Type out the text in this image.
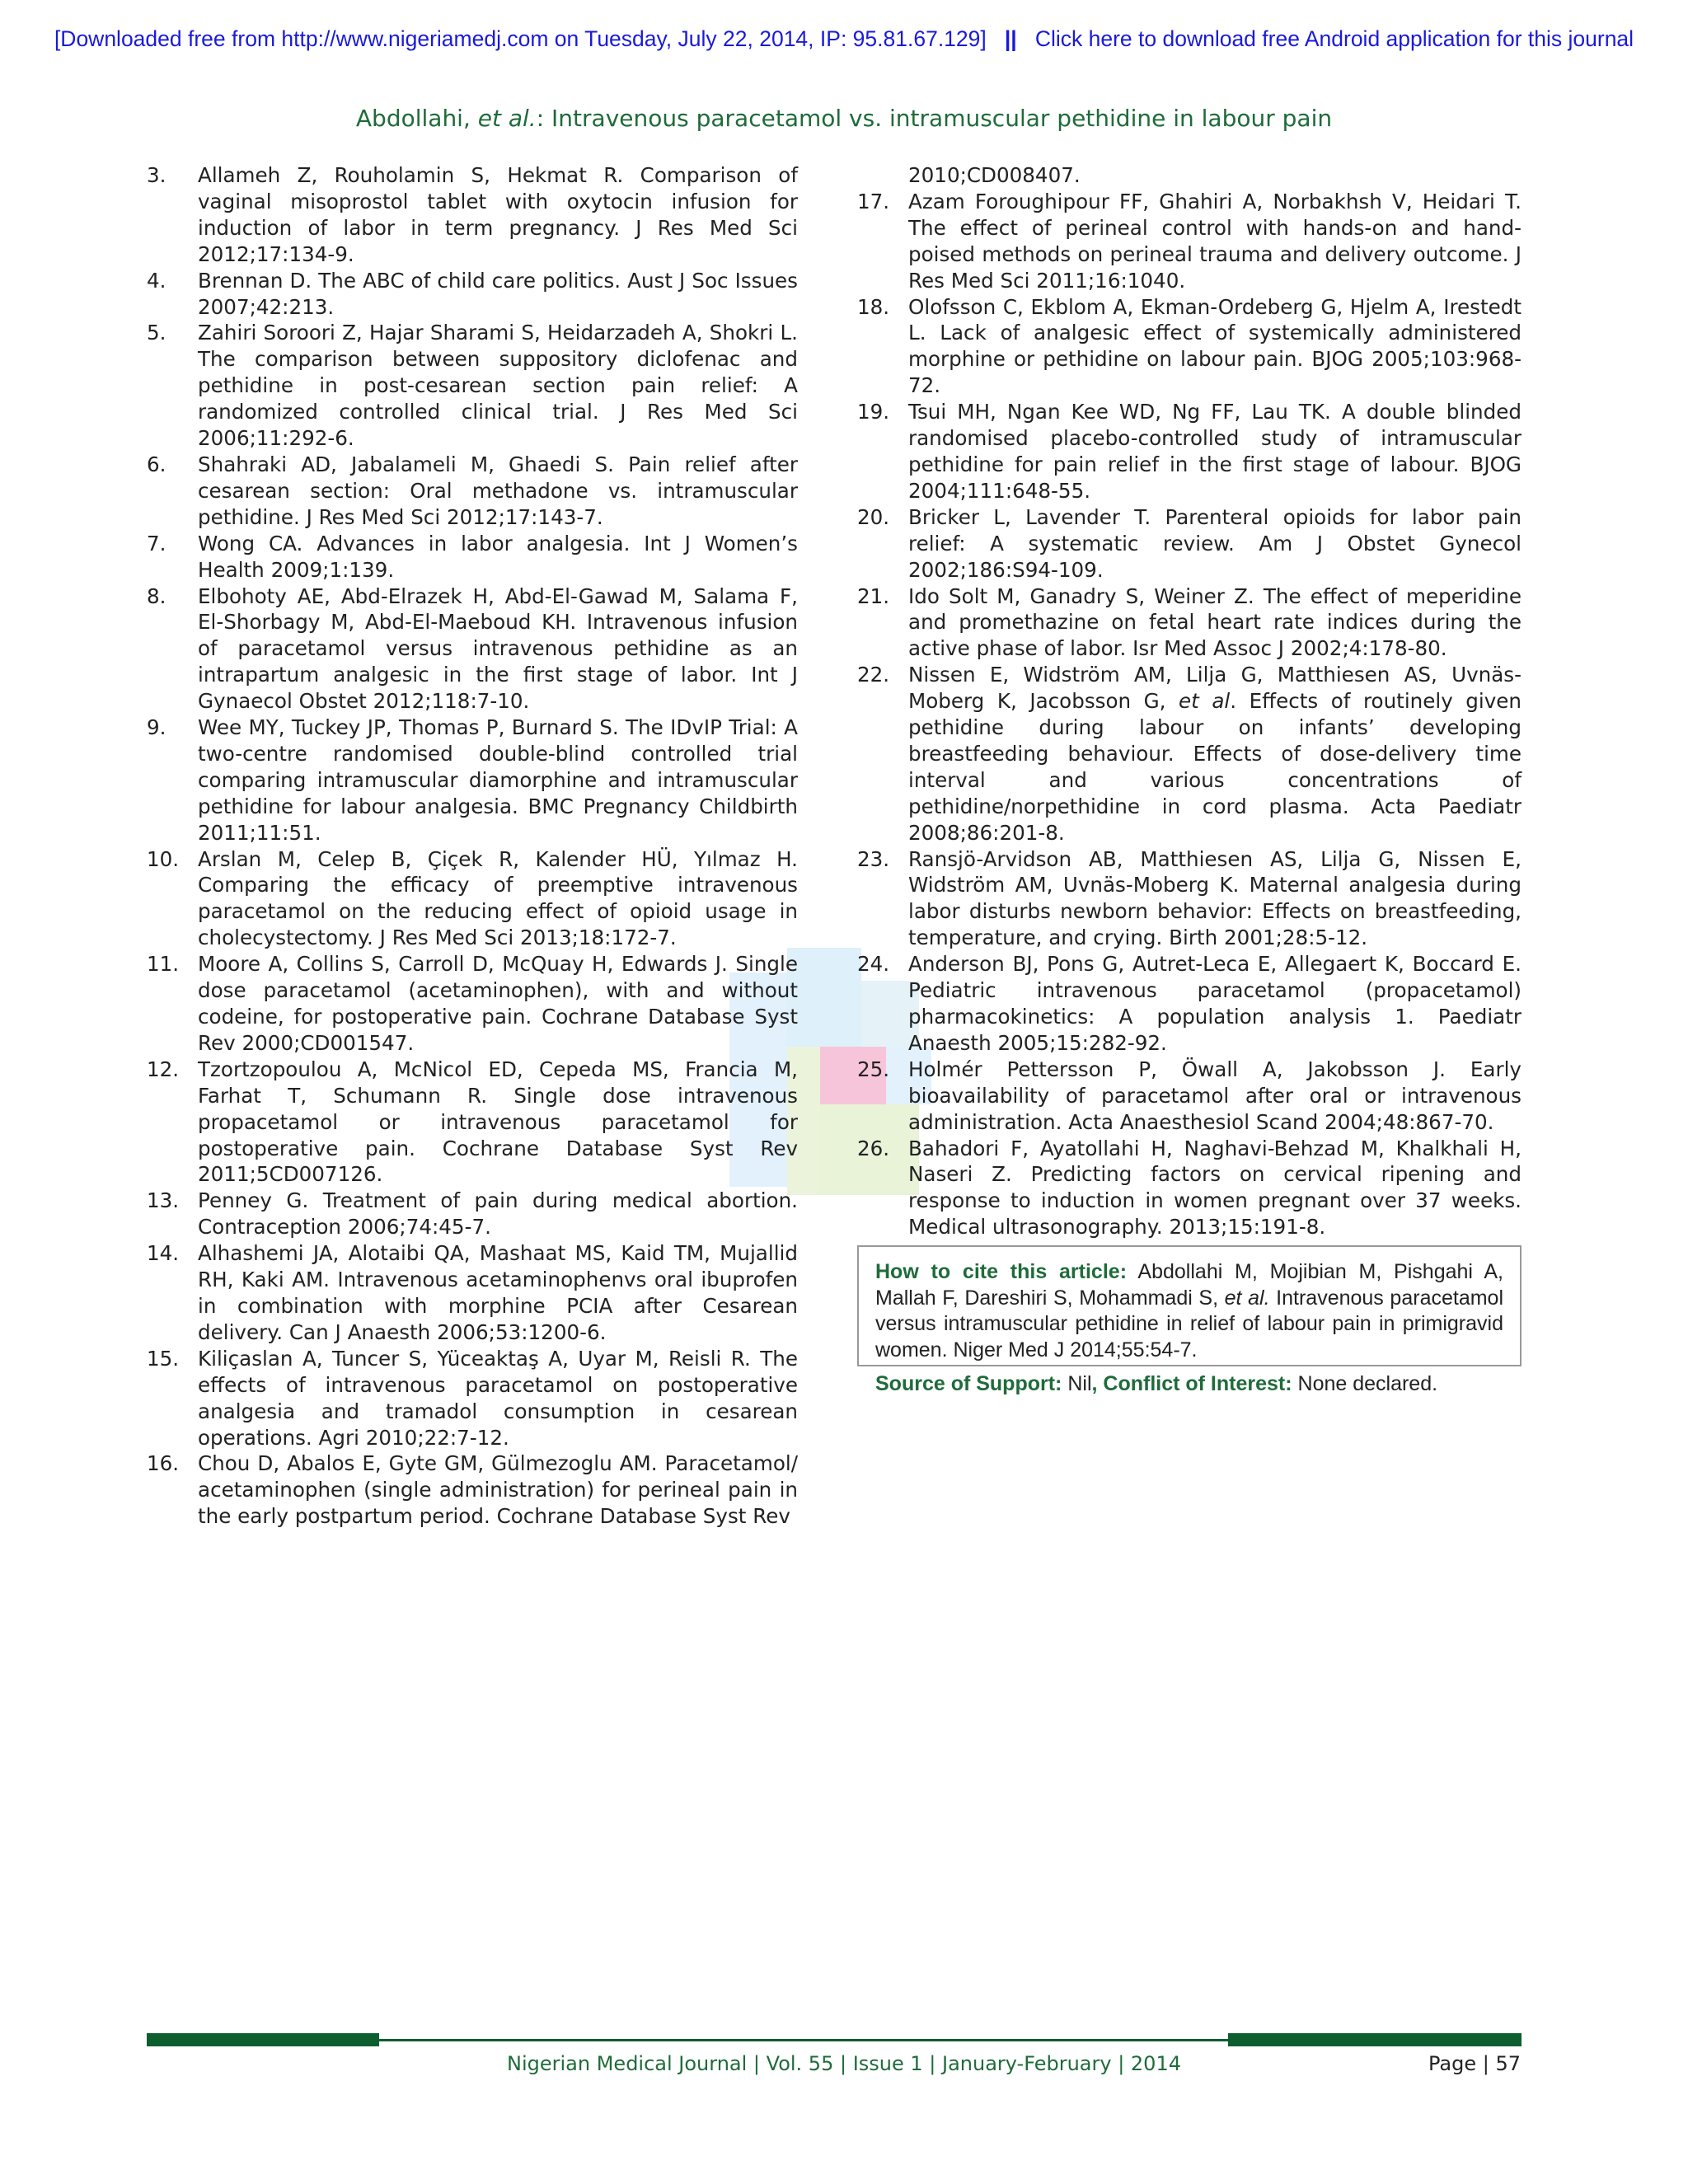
[Downloaded free from http://www.nigeriamedj.com on Tuesday, July 22, 2014, IP: 95.81.67.129] || Click here to download free Android application for this journal
Abdollahi, et al.: Intravenous paracetamol vs. intramuscular pethidine in labour pain

3.	Allameh Z, Rouholamin S, Hekmat R. Comparison of vaginal misoprostol tablet with oxytocin infusion for induction of labor in term pregnancy. J Res Med Sci 2012;17:134-9.

4.	Brennan D. The ABC of child care politics. Aust J Soc Issues 2007;42:213.

5.	Zahiri Soroori Z, Hajar Sharami S, Heidarzadeh A, Shokri L. The comparison between suppository diclofenac and pethidine in post-cesarean section pain relief: A randomized controlled clinical trial. J Res Med Sci 2006;11:292-6.

6.	Shahraki AD, Jabalameli M, Ghaedi S. Pain relief after cesarean section: Oral methadone vs. intramuscular pethidine. J Res Med Sci 2012;17:143-7.

7.	Wong CA. Advances in labor analgesia. Int J Women’s Health 2009;1:139.

8.	Elbohoty AE, Abd-Elrazek H, Abd-El-Gawad M, Salama F, El-Shorbagy M, Abd-El-Maeboud KH. Intravenous infusion of paracetamol versus intravenous pethidine as an intrapartum analgesic in the first stage of labor. Int J Gynaecol Obstet 2012;118:7-10.

9.	Wee MY, Tuckey JP, Thomas P, Burnard S. The IDvIP Trial: A two-centre randomised double-blind controlled trial comparing intramuscular diamorphine and intramuscular pethidine for labour analgesia. BMC Pregnancy Childbirth 2011;11:51.

10. Arslan M, Celep B, Çiçek R, Kalender HÜ, Yılmaz H. Comparing the efficacy of preemptive intravenous paracetamol on the reducing effect of opioid usage in cholecystectomy. J Res Med Sci 2013;18:172-7.

11. Moore A, Collins S, Carroll D, McQuay H, Edwards J. Single dose paracetamol (acetaminophen), with and without codeine, for postoperative pain. Cochrane Database Syst Rev 2000;CD001547.

12. Tzortzopoulou A, McNicol ED, Cepeda MS, Francia M, Farhat T, Schumann R. Single dose intravenous propacetamol or intravenous paracetamol for postoperative pain. Cochrane Database Syst Rev 2011;5CD007126.

13. Penney G. Treatment of pain during medical abortion. Contraception 2006;74:45-7.

14. Alhashemi JA, Alotaibi QA, Mashaat MS, Kaid TM, Mujallid RH, Kaki AM. Intravenous acetaminophenvs oral ibuprofen in combination with morphine PCIA after Cesarean delivery. Can J Anaesth 2006;53:1200-6.

15. Kiliçaslan A, Tuncer S, Yüceaktaş A, Uyar M, Reisli R. The effects of intravenous paracetamol on postoperative analgesia and tramadol consumption in cesarean operations. Agri 2010;22:7-12.

16. Chou D, Abalos E, Gyte GM, Gülmezoglu AM. Paracetamol/ acetaminophen (single administration) for perineal pain in the early postpartum period. Cochrane Database Syst Rev

2010;CD008407.

17. Azam Foroughipour FF, Ghahiri A, Norbakhsh V, Heidari T. The effect of perineal control with hands-on and hand-poised methods on perineal trauma and delivery outcome. J Res Med Sci 2011;16:1040.

18. Olofsson C, Ekblom A, Ekman-Ordeberg G, Hjelm A, Irestedt L. Lack of analgesic effect of systemically administered morphine or pethidine on labour pain. BJOG 2005;103:968-72.

19. Tsui MH, Ngan Kee WD, Ng FF, Lau TK. A double blinded randomised placebo-controlled study of intramuscular pethidine for pain relief in the first stage of labour. BJOG 2004;111:648-55.

20. Bricker L, Lavender T. Parenteral opioids for labor pain relief: A systematic review. Am J Obstet Gynecol 2002;186:S94-109.

21. Ido Solt M, Ganadry S, Weiner Z. The effect of meperidine and promethazine on fetal heart rate indices during the active phase of labor. Isr Med Assoc J 2002;4:178-80.

22. Nissen E, Widström AM, Lilja G, Matthiesen AS, Uvnäs-Moberg K, Jacobsson G, et al. Effects of routinely given pethidine during labour on infants’ developing breastfeeding behaviour. Effects of dose-delivery time interval and various concentrations of pethidine/norpethidine in cord plasma. Acta Paediatr 2008;86:201-8.

23. Ransjö-Arvidson AB, Matthiesen AS, Lilja G, Nissen E, Widström AM, Uvnäs-Moberg K. Maternal analgesia during labor disturbs newborn behavior: Effects on breastfeeding, temperature, and crying. Birth 2001;28:5-12.

24. Anderson BJ, Pons G, Autret-Leca E, Allegaert K, Boccard E. Pediatric intravenous paracetamol (propacetamol) pharmacokinetics: A population analysis 1. Paediatr Anaesth 2005;15:282-92.

25. Holmér Pettersson P, Öwall A, Jakobsson J. Early bioavailability of paracetamol after oral or intravenous administration. Acta Anaesthesiol Scand 2004;48:867-70.

26. Bahadori F, Ayatollahi H, Naghavi-Behzad M, Khalkhali H, Naseri Z. Predicting factors on cervical ripening and response to induction in women pregnant over 37 weeks. Medical ultrasonography. 2013;15:191-8.

How to cite this article: Abdollahi M, Mojibian M, Pishgahi A, Mallah F, Dareshiri S, Mohammadi S, et al. Intravenous paracetamol versus intramuscular pethidine in relief of labour pain in primigravid women. Niger Med J 2014;55:54-7.

Source of Support: Nil, Conflict of Interest: None declared.

Nigerian Medical Journal | Vol. 55 | Issue 1 | January-February | 2014	Page | 57
